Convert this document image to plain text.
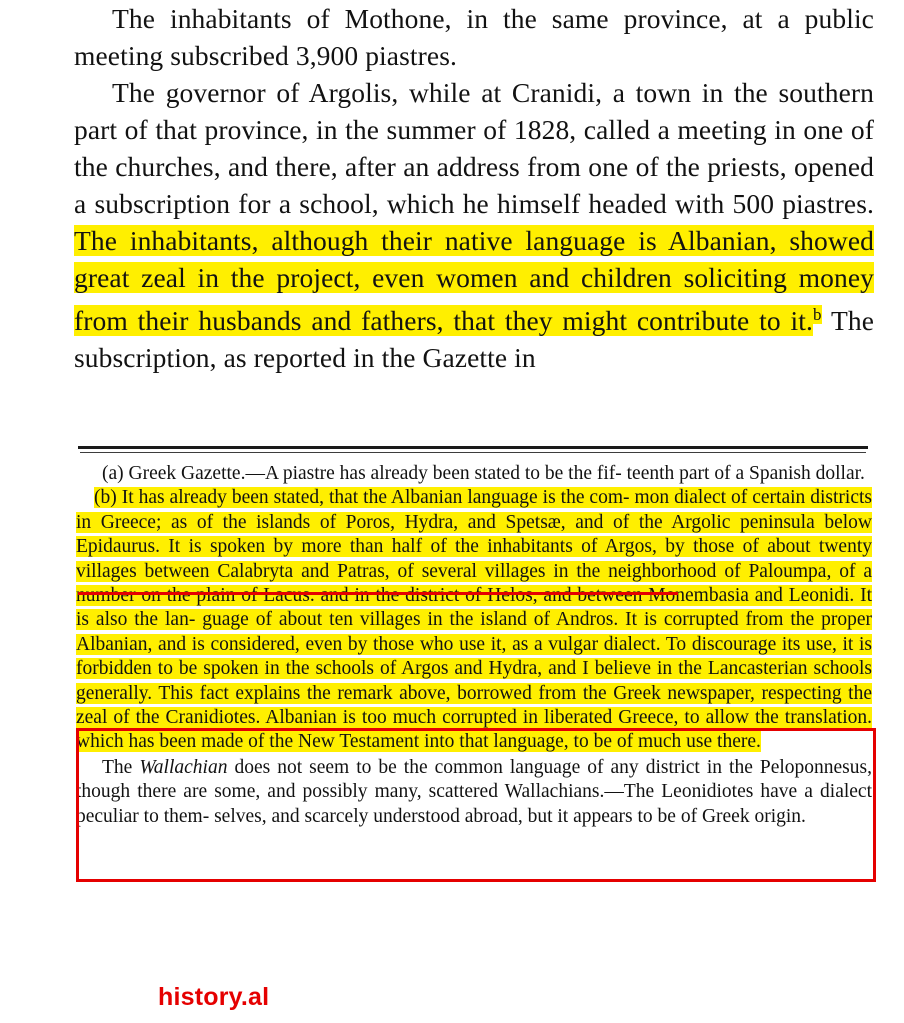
The inhabitants of Mothone, in the same province, at a public meeting subscribed 3,900 piastres.

The governor of Argolis, while at Cranidi, a town in the southern part of that province, in the summer of 1828, called a meeting in one of the churches, and there, after an address from one of the priests, opened a subscription for a school, which he himself headed with 500 piastres. The inhabitants, although their native language is Albanian, showed great zeal in the project, even women and children soliciting money from their husbands and fathers, that they might contribute to it.$^b$ The subscription, as reported in the Gazette in

(a) Greek Gazette.—A piastre has already been stated to be the fif- teenth part of a Spanish dollar.

(b) It has already been stated, that the Albanian language is the com- mon dialect of certain districts in Greece; as of the islands of Poros, Hydra, and Spetsæ, and of the Argolic peninsula below Epidaurus. It is spoken by more than half of the inhabitants of Argos, by those of about twenty villages between Calabryta and Patras, of several villages in the neighborhood of Paloumpa, of a number on the plain of Lacus. and in the district of Helos, and between Monembasia and Leonidi. It is also the lan- guage of about ten villages in the island of Andros. It is corrupted from the proper Albanian, and is considered, even by those who use it, as a vulgar dialect. To discourage its use, it is forbidden to be spoken in the schools of Argos and Hydra, and I believe in the Lancasterian schools generally. This fact explains the remark above, borrowed from the Greek newspaper, respecting the zeal of the Cranidiotes. Albanian is too much corrupted in liberated Greece, to allow the translation. which has been made of the New Testament into that language, to be of much use there.

The Wallachian does not seem to be the common language of any district in the Peloponnesus, though there are some, and possibly many, scattered Wallachians.—The Leonidiotes have a dialect peculiar to them- selves, and scarcely understood abroad, but it appears to be of Greek origin.

history.al
